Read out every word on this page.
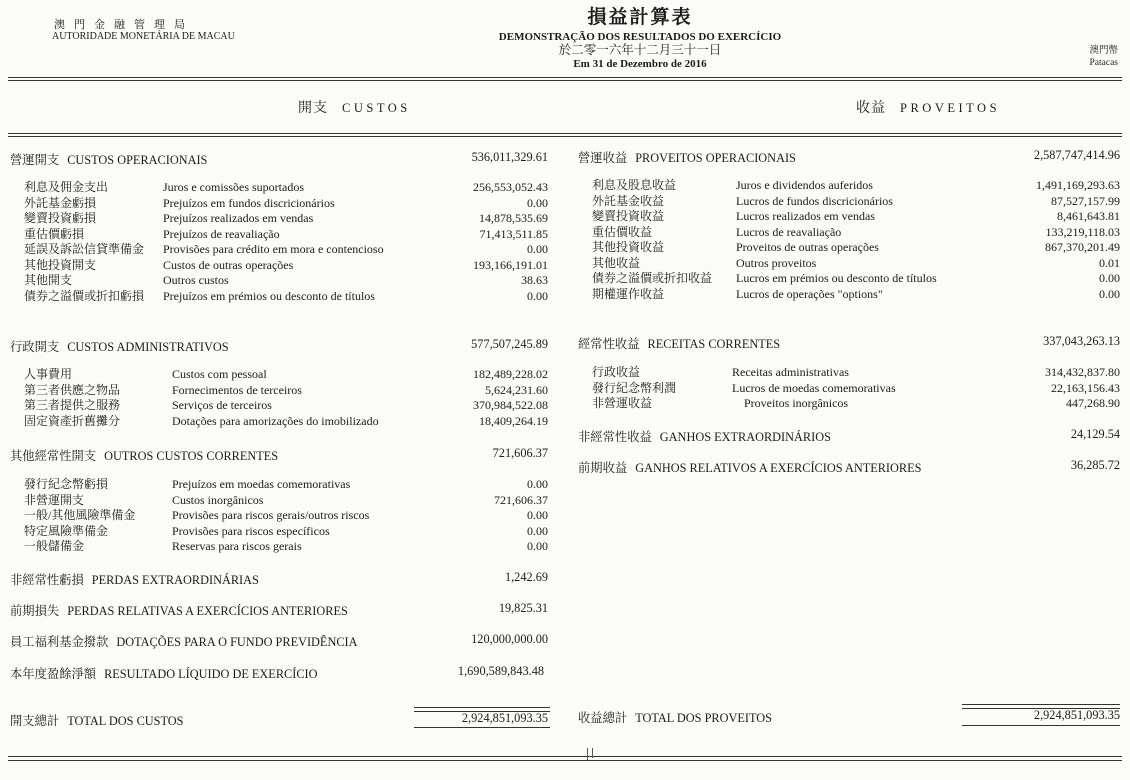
澳門金融管理局
AUTORIDADE MONETÁRIA DE MACAU
損益計算表
DEMONSTRAÇÃO DOS RESULTADOS DO EXERCÍCIO
於二零一六年十二月三十一日
Em 31 de Dezembro de 2016
澳門幣
Patacas
開支 CUSTOS	收益 PROVEITOS
營運開支 CUSTOS OPERACIONAIS	536,011,329.61
利息及佣金支出	Juros e comissões suportados	256,553,052.43
外託基金虧損	Prejuízos em fundos discricionários	0.00
變賣投資虧損	Prejuízos realizados em vendas	14,878,535.69
重估價虧損	Prejuízos de reavaliação	71,413,511.85
延誤及訴訟信貸準備金 Provisões para crédito em mora e contencioso	0.00
其他投資開支	Custos de outras operações	193,166,191.01
其他開支	Outros custos	38.63
債券之溢價或折扣虧損 Prejuízos em prémios ou desconto de títulos	0.00
行政開支 CUSTOS ADMINISTRATIVOS	577,507,245.89
人事費用	Custos com pessoal	182,489,228.02
第三者供應之物品	Fornecimentos de terceiros	5,624,231.60
第三者提供之服務	Serviços de terceiros	370,984,522.08
固定資產折舊攤分	Dotações para amorizações do imobilizado	18,409,264.19
其他經常性開支 OUTROS CUSTOS CORRENTES	721,606.37
發行紀念幣虧損	Prejuízos em moedas comemorativas	0.00
非營運開支	Custos inorgânicos	721,606.37
一般/其他風險準備金	Provisões para riscos gerais/outros riscos	0.00
特定風險準備金	Provisões para riscos específicos	0.00
一般儲備金	Reservas para riscos gerais	0.00
非經常性虧損 PERDAS EXTRAORDINÁRIAS	1,242.69
前期損失 PERDAS RELATIVAS A EXERCÍCIOS ANTERIORES	19,825.31
員工福利基金撥款 DOTAÇÕES PARA O FUNDO PREVIDÊNCIA	120,000,000.00
本年度盈餘淨額 RESULTADO LÍQUIDO DE EXERCÍCIO	1,690,589,843.48
開支總計 TOTAL DOS CUSTOS	2,924,851,093.35
營運收益 PROVEITOS OPERACIONAIS	2,587,747,414.96
利息及股息收益	Juros e dividendos auferidos	1,491,169,293.63
外託基金收益	Lucros de fundos discricionários	87,527,157.99
變賣投資收益	Lucros realizados em vendas	8,461,643.81
重估價收益	Lucros de reavaliação	133,219,118.03
其他投資收益	Proveitos de outras operações	867,370,201.49
其他收益	Outros proveitos	0.01
債券之溢價或折扣收益 Lucros em prémios ou desconto de títulos	0.00
期權運作收益	Lucros de operações "options"	0.00
經常性收益 RECEITAS CORRENTES	337,043,263.13
行政收益	Receitas administrativas	314,432,837.80
發行紀念幣利潤	Lucros de moedas comemorativas	22,163,156.43
非營運收益	Proveitos inorgânicos	447,268.90
非經常性收益 GANHOS EXTRAORDINÁRIOS	24,129.54
前期收益 GANHOS RELATIVOS A EXERCÍCIOS ANTERIORES	36,285.72
收益總計 TOTAL DOS PROVEITOS	2,924,851,093.35
